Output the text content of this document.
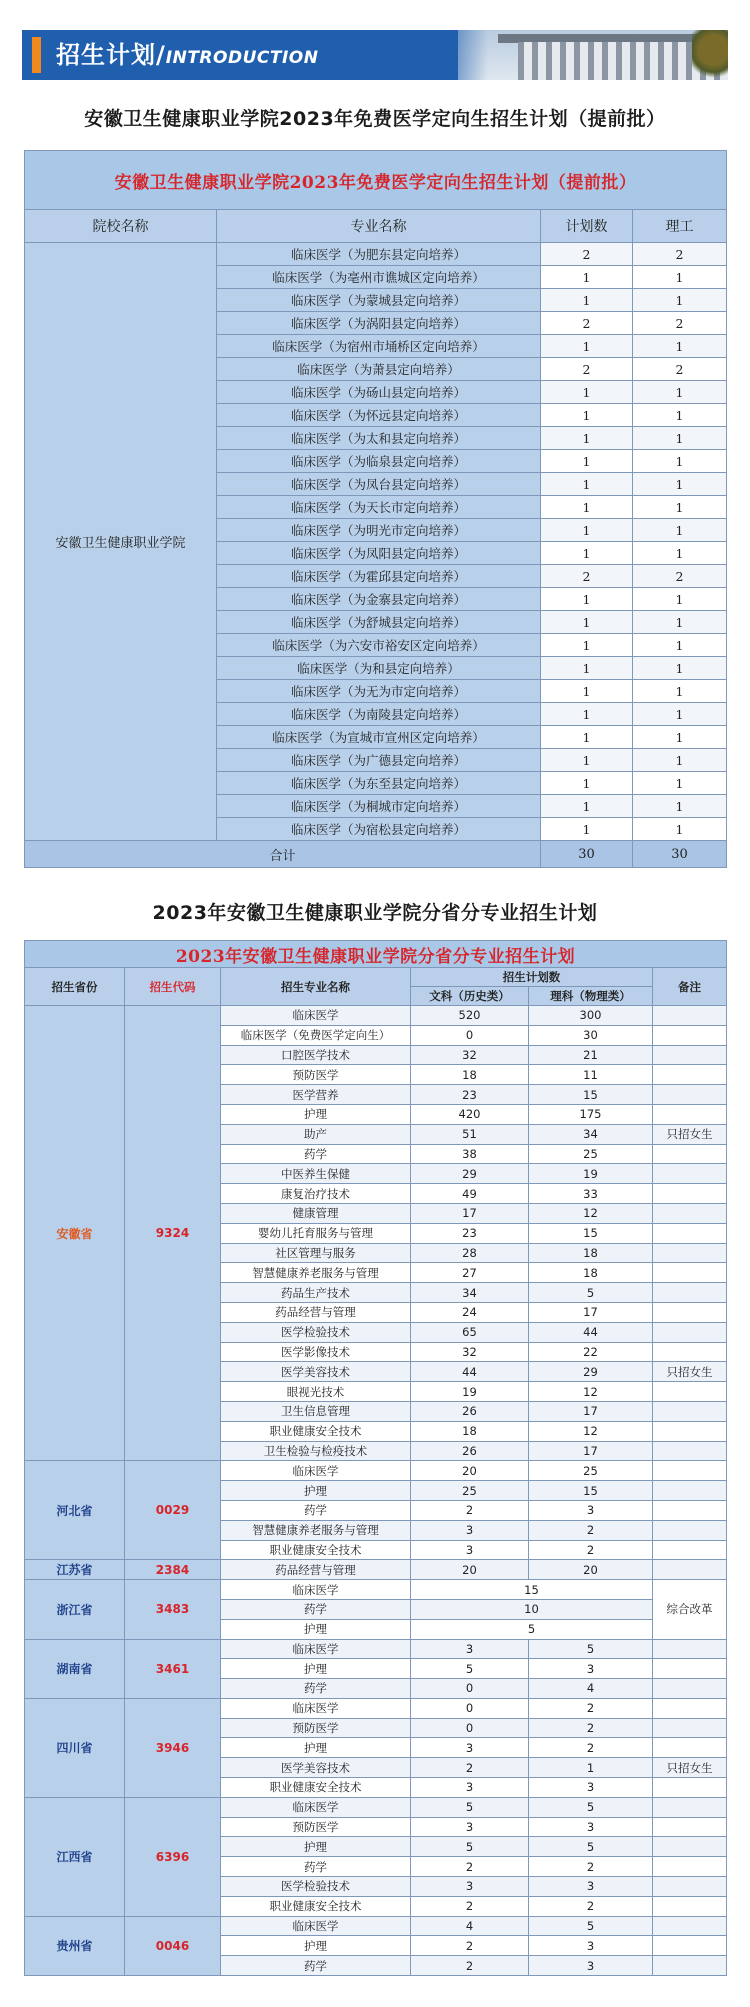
招生计划/INTRODUCTION
安徽卫生健康职业学院2023年免费医学定向生招生计划（提前批）
安徽卫生健康职业学院2023年免费医学定向生招生计划（提前批）			
院校名称	专业名称	计划数	理工
安徽卫生健康职业学院	临床医学（为肥东县定向培养）	2	2
	临床医学（为亳州市谯城区定向培养）	1	1
	临床医学（为蒙城县定向培养）	1	1
	临床医学（为涡阳县定向培养）	2	2
	临床医学（为宿州市埇桥区定向培养）	1	1
	临床医学（为萧县定向培养）	2	2
	临床医学（为砀山县定向培养）	1	1
	临床医学（为怀远县定向培养）	1	1
	临床医学（为太和县定向培养）	1	1
	临床医学（为临泉县定向培养）	1	1
	临床医学（为凤台县定向培养）	1	1
	临床医学（为天长市定向培养）	1	1
	临床医学（为明光市定向培养）	1	1
	临床医学（为凤阳县定向培养）	1	1
	临床医学（为霍邱县定向培养）	2	2
	临床医学（为金寨县定向培养）	1	1
	临床医学（为舒城县定向培养）	1	1
	临床医学（为六安市裕安区定向培养）	1	1
	临床医学（为和县定向培养）	1	1
	临床医学（为无为市定向培养）	1	1
	临床医学（为南陵县定向培养）	1	1
	临床医学（为宣城市宣州区定向培养）	1	1
	临床医学（为广德县定向培养）	1	1
	临床医学（为东至县定向培养）	1	1
	临床医学（为桐城市定向培养）	1	1
	临床医学（为宿松县定向培养）	1	1
合计		30	30
2023年安徽卫生健康职业学院分省分专业招生计划
2023年安徽卫生健康职业学院分省分专业招生计划					
招生省份	招生代码	招生专业名称	招生计划数		备注
			文科（历史类）	理科（物理类）	
安徽省	9324	临床医学	520	300	
		临床医学（免费医学定向生）	0	30	
		口腔医学技术	32	21	
		预防医学	18	11	
		医学营养	23	15	
		护理	420	175	
		助产	51	34	只招女生
		药学	38	25	
		中医养生保健	29	19	
		康复治疗技术	49	33	
		健康管理	17	12	
		婴幼儿托育服务与管理	23	15	
		社区管理与服务	28	18	
		智慧健康养老服务与管理	27	18	
		药品生产技术	34	5	
		药品经营与管理	24	17	
		医学检验技术	65	44	
		医学影像技术	32	22	
		医学美容技术	44	29	只招女生
		眼视光技术	19	12	
		卫生信息管理	26	17	
		职业健康安全技术	18	12	
		卫生检验与检疫技术	26	17	
河北省	0029	临床医学	20	25	
		护理	25	15	
		药学	2	3	
		智慧健康养老服务与管理	3	2	
		职业健康安全技术	3	2	
江苏省	2384	药品经营与管理	20	20	
浙江省	3483	临床医学	15		综合改革
		药学	10		
		护理	5		
湖南省	3461	临床医学	3	5	
		护理	5	3	
		药学	0	4	
四川省	3946	临床医学	0	2	
		预防医学	0	2	
		护理	3	2	
		医学美容技术	2	1	只招女生
		职业健康安全技术	3	3	
江西省	6396	临床医学	5	5	
		预防医学	3	3	
		护理	5	5	
		药学	2	2	
		医学检验技术	3	3	
		职业健康安全技术	2	2	
贵州省	0046	临床医学	4	5	
		护理	2	3	
		药学	2	3	
